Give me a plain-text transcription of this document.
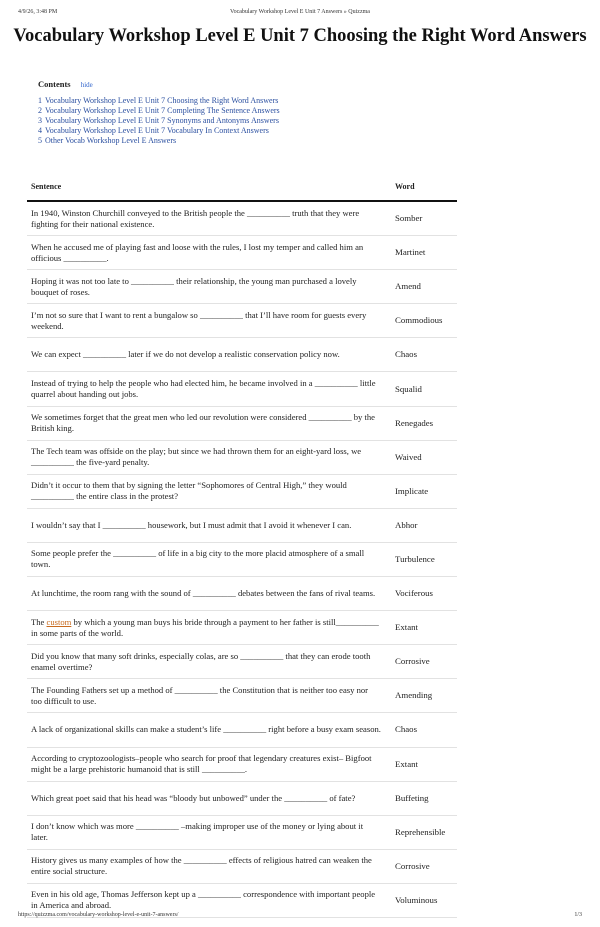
4/9/26, 3:48 PM	Vocabulary Workshop Level E Unit 7 Answers » Quizzma
Vocabulary Workshop Level E Unit 7 Choosing the Right Word Answers
Contents hide
1 Vocabulary Workshop Level E Unit 7 Choosing the Right Word Answers
2 Vocabulary Workshop Level E Unit 7 Completing The Sentence Answers
3 Vocabulary Workshop Level E Unit 7 Synonyms and Antonyms Answers
4 Vocabulary Workshop Level E Unit 7 Vocabulary In Context Answers
5 Other Vocab Workshop Level E Answers
Sentence	Word
In 1940, Winston Churchill conveyed to the British people the __________ truth that they were fighting for their national existence.	Somber
When he accused me of playing fast and loose with the rules, I lost my temper and called him an officious __________.	Martinet
Hoping it was not too late to __________ their relationship, the young man purchased a lovely bouquet of roses.	Amend
I’m not so sure that I want to rent a bungalow so __________ that I’ll have room for guests every weekend.	Commodious
We can expect __________ later if we do not develop a realistic conservation policy now.	Chaos
Instead of trying to help the people who had elected him, he became involved in a __________ little quarrel about handing out jobs.	Squalid
We sometimes forget that the great men who led our revolution were considered __________ by the British king.	Renegades
The Tech team was offside on the play; but since we had thrown them for an eight-yard loss, we __________ the five-yard penalty.	Waived
Didn’t it occur to them that by signing the letter “Sophomores of Central High,” they would __________ the entire class in the protest?	Implicate
I wouldn’t say that I __________ housework, but I must admit that I avoid it whenever I can.	Abhor
Some people prefer the __________ of life in a big city to the more placid atmosphere of a small town.	Turbulence
At lunchtime, the room rang with the sound of __________ debates between the fans of rival teams.	Vociferous
The custom by which a young man buys his bride through a payment to her father is still__________ in some parts of the world.	Extant
Did you know that many soft drinks, especially colas, are so __________ that they can erode tooth enamel overtime?	Corrosive
The Founding Fathers set up a method of __________ the Constitution that is neither too easy nor too difficult to use.	Amending
A lack of organizational skills can make a student’s life __________ right before a busy exam season.	Chaos
According to cryptozoologists–people who search for proof that legendary creatures exist– Bigfoot might be a large prehistoric humanoid that is still __________.	Extant
Which great poet said that his head was “bloody but unbowed” under the __________ of fate?	Buffeting
I don’t know which was more __________ –making improper use of the money or lying about it later.	Reprehensible
History gives us many examples of how the __________ effects of religious hatred can weaken the entire social structure.	Corrosive
Even in his old age, Thomas Jefferson kept up a __________ correspondence with important people in America and abroad.	Voluminous
https://quizzma.com/vocabulary-workshop-level-e-unit-7-answers/	1/3
